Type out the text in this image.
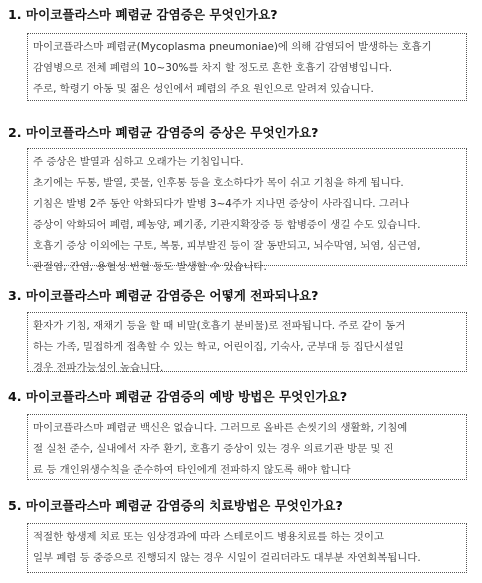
1. 마이코플라스마 폐렴균 감염증은 무엇인가요?

마이코플라스마 폐렴균(Mycoplasma pneumoniae)에 의해 감염되어 발생하는 호흡기

감염병으로 전체 폐렴의 10~30%를 차지 할 정도로 흔한 호흡기 감염병입니다.

주로, 학령기 아동 및 젊은 성인에서 폐렴의 주요 원인으로 알려져 있습니다.

2. 마이코플라스마 폐렴균 감염증의 증상은 무엇인가요?

주 증상은 발열과 심하고 오래가는 기침입니다.

초기에는 두통, 발열, 콧물, 인후통 등을 호소하다가 목이 쉬고 기침을 하게 됩니다.

기침은 발병 2주 동안 악화되다가 발병 3~4주가 지나면 증상이 사라집니다. 그러나

증상이 악화되어 폐렴, 폐농양, 폐기종, 기관지확장증 등 합병증이 생길 수도 있습니다.

호흡기 증상 이외에는 구토, 복통, 피부발진 등이 잘 동반되고, 뇌수막염, 뇌염, 심근염,

관절염, 간염, 용혈성 빈혈 등도 발생할 수 있습니다.

3. 마이코플라스마 폐렴균 감염증은 어떻게 전파되나요?

환자가 기침, 재채기 등을 할 때 비말(호흡기 분비물)로 전파됩니다. 주로 같이 동거

하는 가족, 밀접하게 접촉할 수 있는 학교, 어린이집, 기숙사, 군부대 등 집단시설일

경우 전파가능성이 높습니다.

4. 마이코플라스마 폐렴균 감염증의 예방 방법은 무엇인가요?

마이코플라스마 폐렴균 백신은 없습니다. 그러므로 올바른 손씻기의 생활화, 기침예

절 실천 준수, 실내에서 자주 환기, 호흡기 증상이 있는 경우 의료기관 방문 및 진

료 등 개인위생수칙을 준수하여 타인에게 전파하지 않도록 해야 합니다

5. 마이코플라스마 폐렴균 감염증의 치료방법은 무엇인가요?

적절한 항생제 치료 또는 임상경과에 따라 스테로이드 병용치료를 하는 것이고

일부 폐렴 등 중증으로 진행되지 않는 경우 시일이 걸리더라도 대부분 자연회복됩니다.
